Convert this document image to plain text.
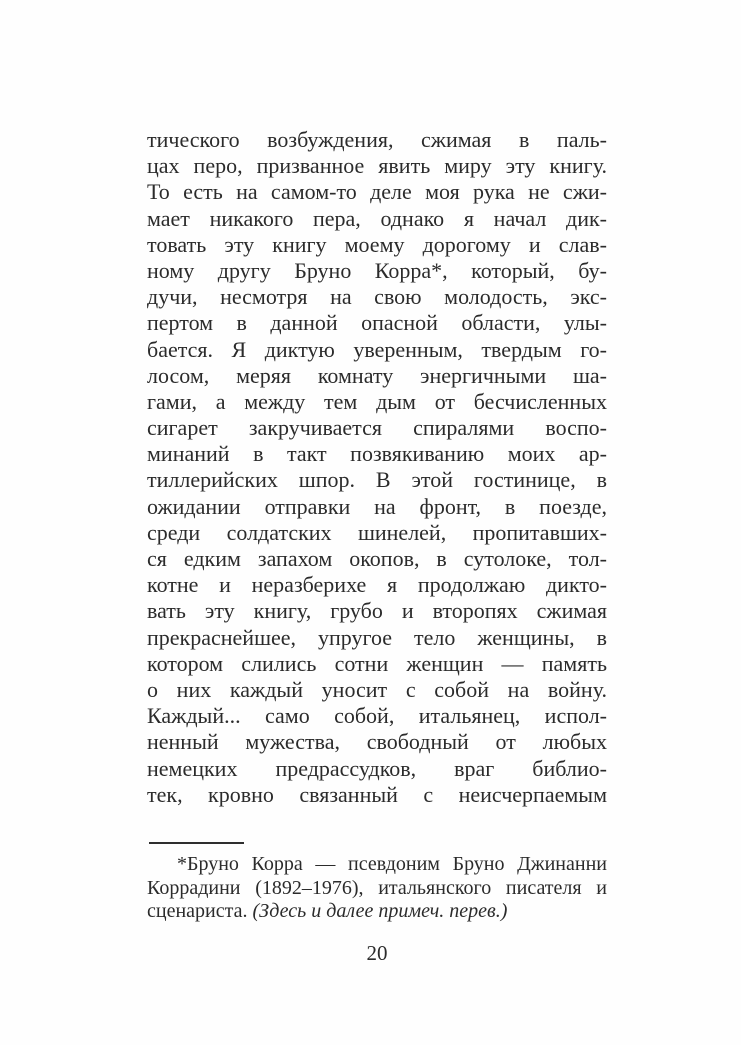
тического возбуждения, сжимая в паль-
цах перо, призванное явить миру эту книгу.
То есть на самом-то деле моя рука не сжи-
мает никакого пера, однако я начал дик-
товать эту книгу моему дорогому и слав-
ному другу Бруно Корра*, который, бу-
дучи, несмотря на свою молодость, экс-
пертом в данной опасной области, улы-
бается. Я диктую уверенным, твердым го-
лосом, меряя комнату энергичными ша-
гами, а между тем дым от бесчисленных
сигарет закручивается спиралями воспо-
минаний в такт позвякиванию моих ар-
тиллерийских шпор. В этой гостинице, в
ожидании отправки на фронт, в поезде,
среди солдатских шинелей, пропитавших-
ся едким запахом окопов, в сутолоке, тол-
котне и неразберихе я продолжаю дикто-
вать эту книгу, грубо и второпях сжимая
прекраснейшее, упругое тело женщины, в
котором слились сотни женщин — память
о них каждый уносит с собой на войну.
Каждый... само собой, итальянец, испол-
ненный мужества, свободный от любых
немецких предрассудков, враг библио-
тек, кровно связанный с неисчерпаемым
*Бруно Корра — псевдоним Бруно Джинанни
Коррадини (1892–1976), итальянского писателя и
сценариста. (Здесь и далее примеч. перев.)
20
